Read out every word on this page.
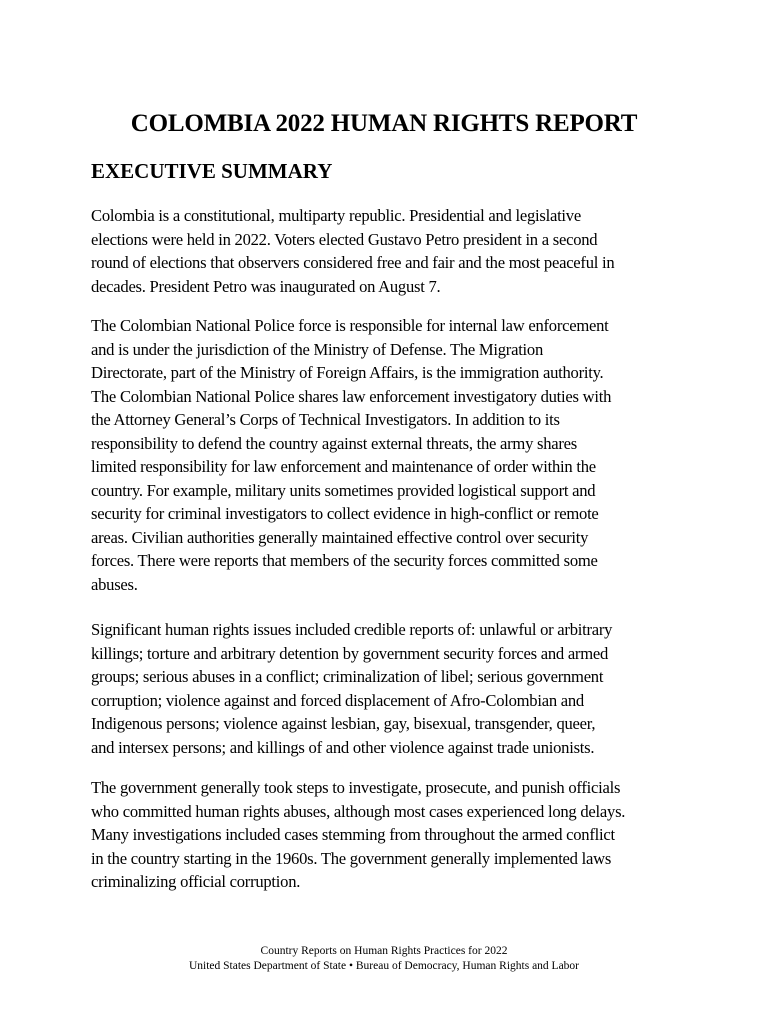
COLOMBIA 2022 HUMAN RIGHTS REPORT
EXECUTIVE SUMMARY

Colombia is a constitutional, multiparty republic. Presidential and legislative
elections were held in 2022. Voters elected Gustavo Petro president in a second
round of elections that observers considered free and fair and the most peaceful in
decades. President Petro was inaugurated on August 7.

The Colombian National Police force is responsible for internal law enforcement
and is under the jurisdiction of the Ministry of Defense. The Migration
Directorate, part of the Ministry of Foreign Affairs, is the immigration authority.
The Colombian National Police shares law enforcement investigatory duties with
the Attorney General’s Corps of Technical Investigators. In addition to its
responsibility to defend the country against external threats, the army shares
limited responsibility for law enforcement and maintenance of order within the
country. For example, military units sometimes provided logistical support and
security for criminal investigators to collect evidence in high-conflict or remote
areas. Civilian authorities generally maintained effective control over security
forces. There were reports that members of the security forces committed some
abuses.

Significant human rights issues included credible reports of: unlawful or arbitrary
killings; torture and arbitrary detention by government security forces and armed
groups; serious abuses in a conflict; criminalization of libel; serious government
corruption; violence against and forced displacement of Afro-Colombian and
Indigenous persons; violence against lesbian, gay, bisexual, transgender, queer,
and intersex persons; and killings of and other violence against trade unionists.

The government generally took steps to investigate, prosecute, and punish officials
who committed human rights abuses, although most cases experienced long delays.
Many investigations included cases stemming from throughout the armed conflict
in the country starting in the 1960s. The government generally implemented laws
criminalizing official corruption.

Country Reports on Human Rights Practices for 2022
United States Department of State • Bureau of Democracy, Human Rights and Labor
